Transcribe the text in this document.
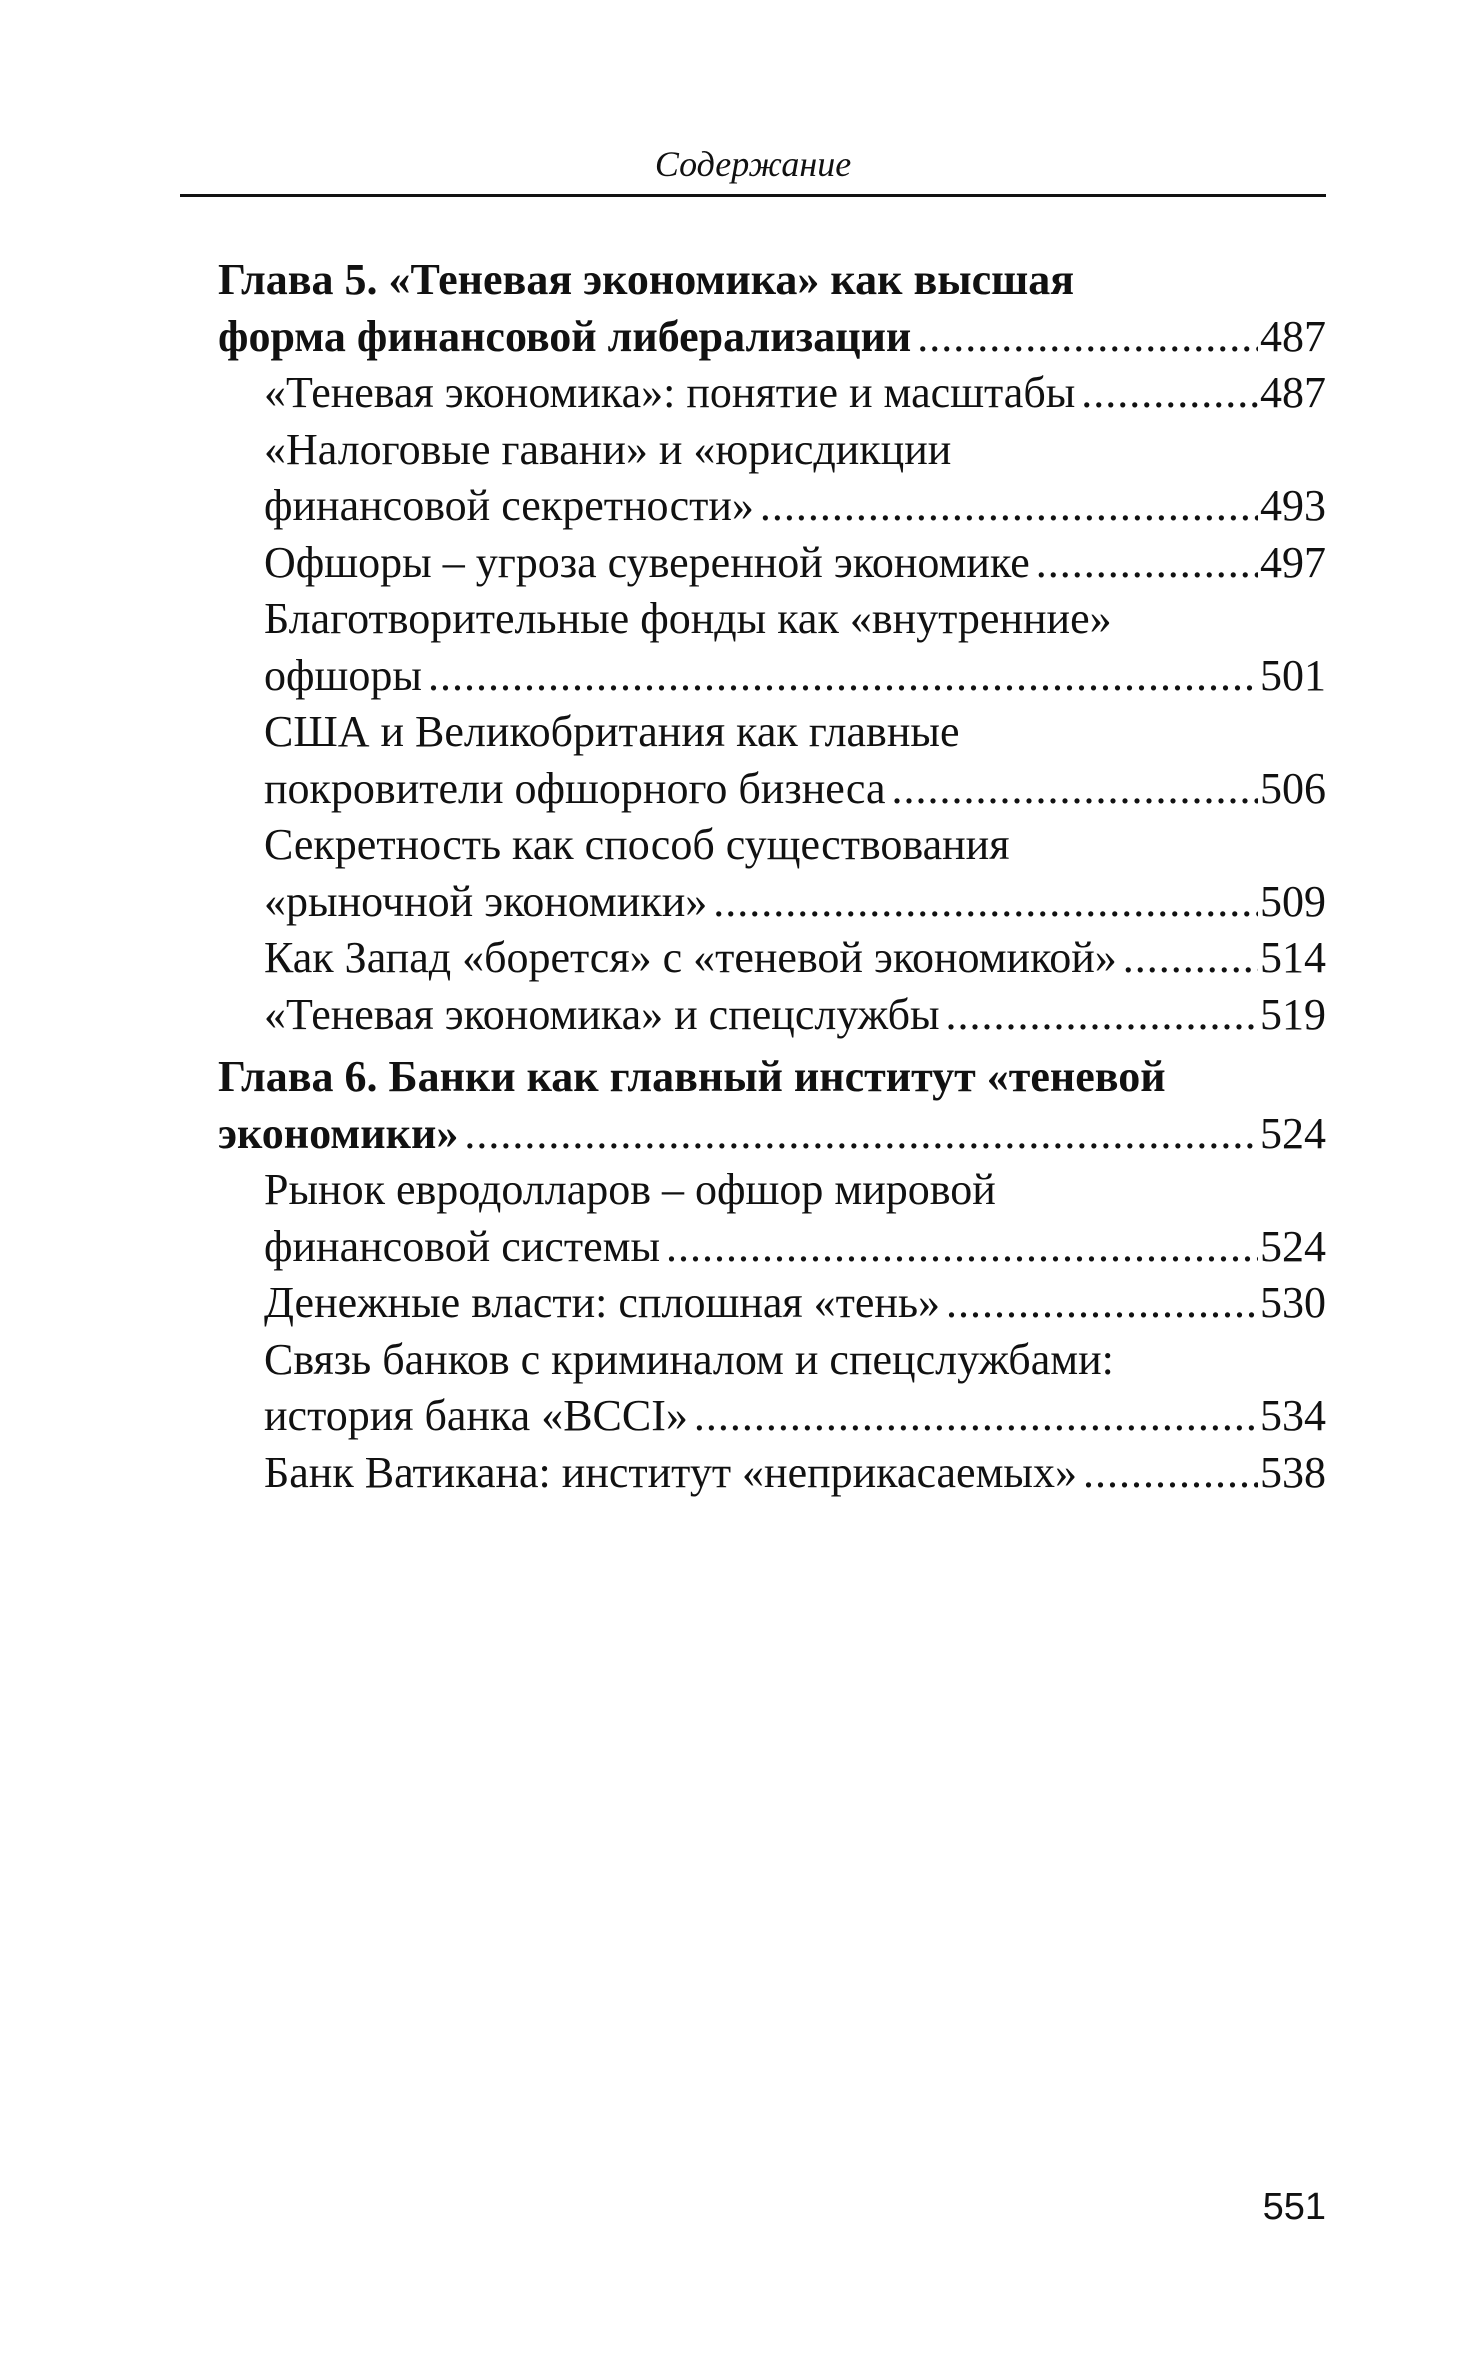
Содержание
Глава 5. «Теневая экономика» как высшая
форма финансовой либерализации .....	487
«Теневая экономика»: понятие и масштабы .....	487
«Налоговые гавани» и «юрисдикции
финансовой секретности» .....	493
Офшоры – угроза суверенной экономике .....	497
Благотворительные фонды как «внутренние»
офшоры .....	501
США и Великобритания как главные
покровители офшорного бизнеса .....	506
Секретность как способ существования
«рыночной экономики» .....	509
Как Запад «борется» с «теневой экономикой» .....	514
«Теневая экономика» и спецслужбы .....	519
Глава 6. Банки как главный институт «теневой
экономики» .....	524
Рынок евродолларов – офшор мировой
финансовой системы .....	524
Денежные власти: сплошная «тень» .....	530
Связь банков с криминалом и спецслужбами:
история банка «BCCI» .....	534
Банк Ватикана: институт «неприкасаемых» .....	538
551
